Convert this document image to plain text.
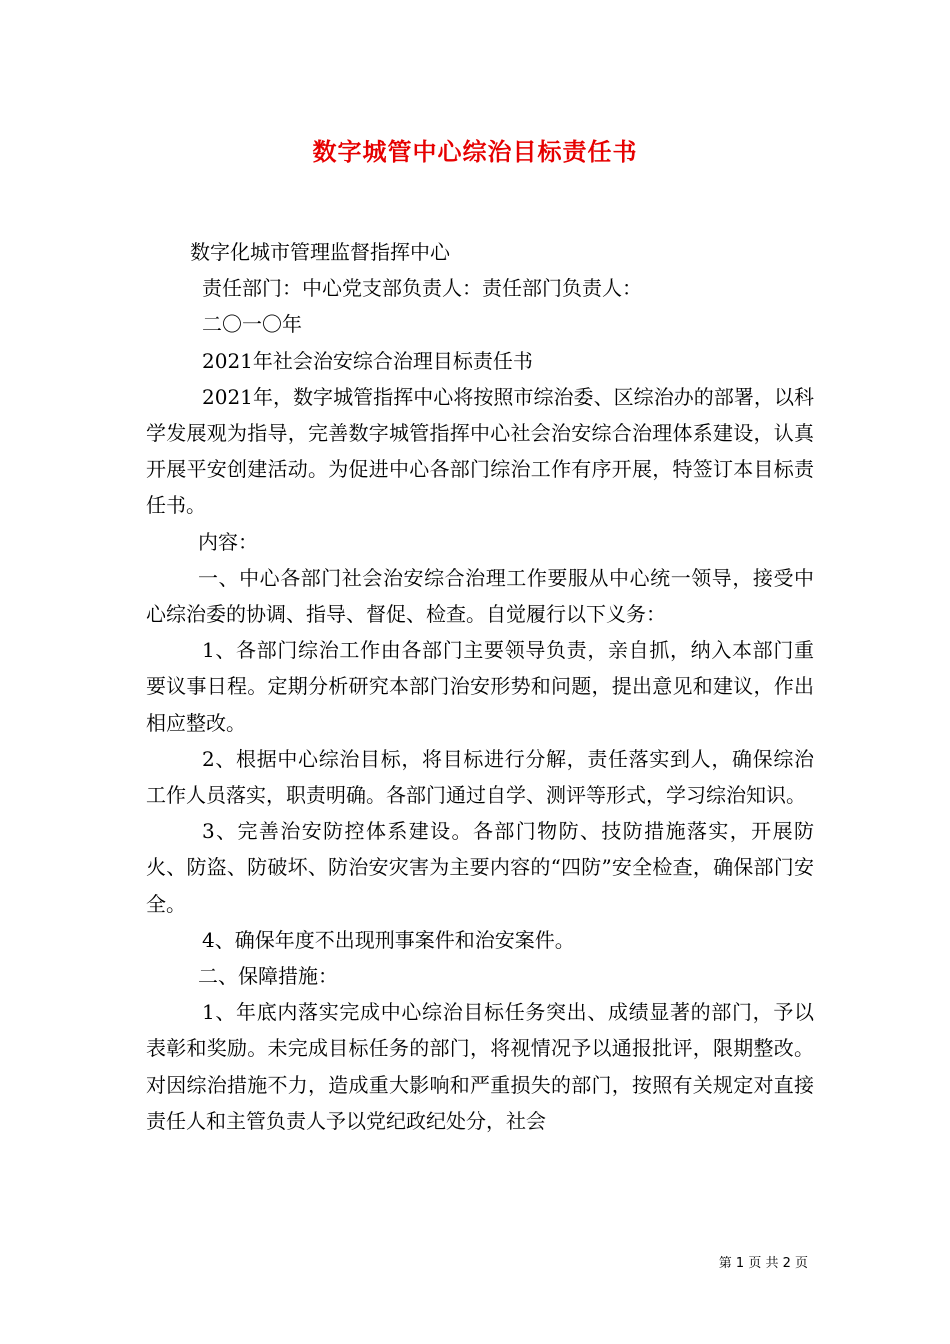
数字城管中心综治目标责任书

数字化城市管理监督指挥中心

责任部门：中心党支部负责人：责任部门负责人：

二〇一〇年

2021年社会治安综合治理目标责任书

2021年，数字城管指挥中心将按照市综治委、区综治办的部署，以科学发展观为指导，完善数字城管指挥中心社会治安综合治理体系建设，认真开展平安创建活动。为促进中心各部门综治工作有序开展，特签订本目标责任书。

内容：

一、中心各部门社会治安综合治理工作要服从中心统一领导，接受中心综治委的协调、指导、督促、检查。自觉履行以下义务：

1、各部门综治工作由各部门主要领导负责，亲自抓，纳入本部门重要议事日程。定期分析研究本部门治安形势和问题，提出意见和建议，作出相应整改。

2、根据中心综治目标，将目标进行分解，责任落实到人，确保综治工作人员落实，职责明确。各部门通过自学、测评等形式，学习综治知识。

3、完善治安防控体系建设。各部门物防、技防措施落实，开展防火、防盗、防破坏、防治安灾害为主要内容的“四防”安全检查，确保部门安全。

4、确保年度不出现刑事案件和治安案件。

二、保障措施：

1、年底内落实完成中心综治目标任务突出、成绩显著的部门，予以表彰和奖励。未完成目标任务的部门，将视情况予以通报批评，限期整改。对因综治措施不力，造成重大影响和严重损失的部门，按照有关规定对直接责任人和主管负责人予以党纪政纪处分，社会

第 1 页 共 2 页
